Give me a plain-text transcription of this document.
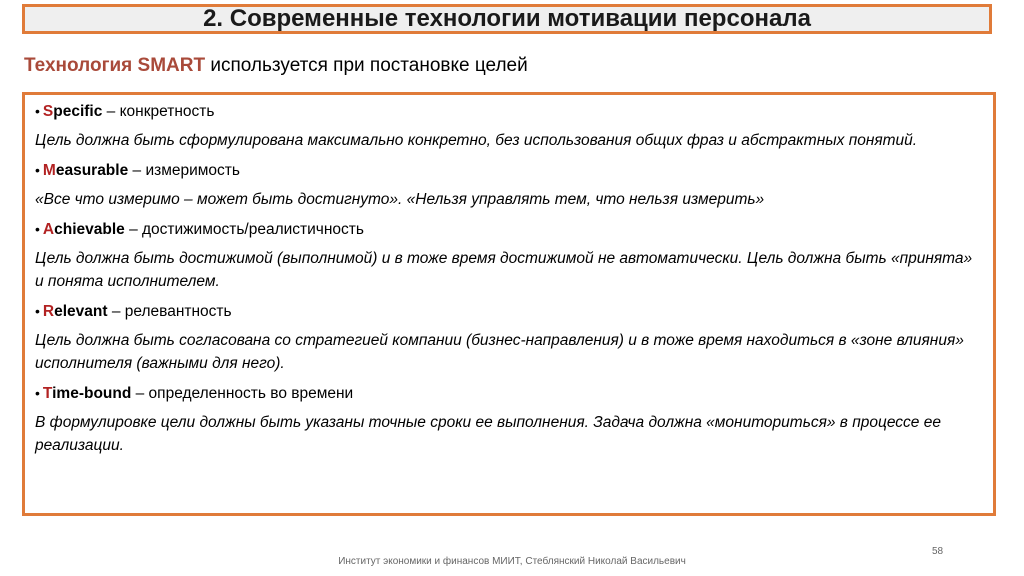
2. Современные технологии мотивации персонала
Технология SMART используется при постановке целей
• Specific – конкретность
Цель должна быть сформулирована максимально конкретно, без использования общих фраз и абстрактных понятий.
• Measurable – измеримость
«Все что измеримо – может быть достигнуто». «Нельзя управлять тем, что нельзя измерить»
• Achievable – достижимость/реалистичность
Цель должна быть достижимой (выполнимой) и в тоже время достижимой не автоматически. Цель должна быть «принята» и понята исполнителем.
• Relevant – релевантность
Цель должна быть согласована со стратегией компании (бизнес-направления) и в тоже время находиться в «зоне влияния» исполнителя (важными для него).
• Time-bound – определенность во времени
В формулировке цели должны быть указаны точные сроки ее выполнения. Задача должна «мониториться» в процессе ее реализации.
58
Институт экономики и финансов МИИТ, Стеблянский Николай Васильевич
